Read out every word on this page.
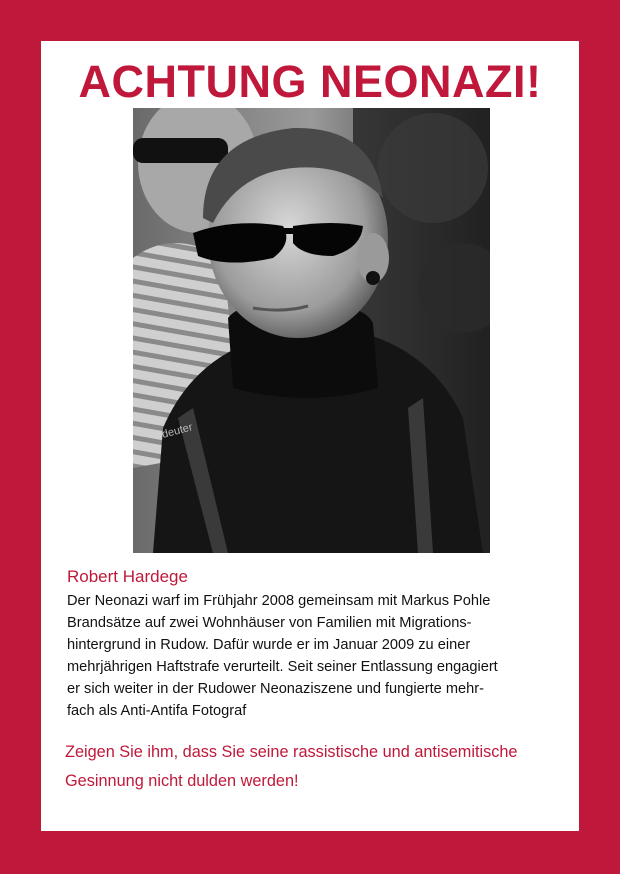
ACHTUNG NEONAZI!
deuter

Robert Hardege

Der Neonazi warf im Frühjahr 2008 gemeinsam mit Markus Pohle
Brandsätze auf zwei Wohnhäuser von Familien mit Migrations-
hintergrund in Rudow. Dafür wurde er im Januar 2009 zu einer
mehrjährigen Haftstrafe verurteilt. Seit seiner Entlassung engagiert
er sich weiter in der Rudower Neonaziszene und fungierte mehr-
fach als Anti-Antifa Fotograf

Zeigen Sie ihm, dass Sie seine rassistische und antisemitische
Gesinnung nicht dulden werden!
